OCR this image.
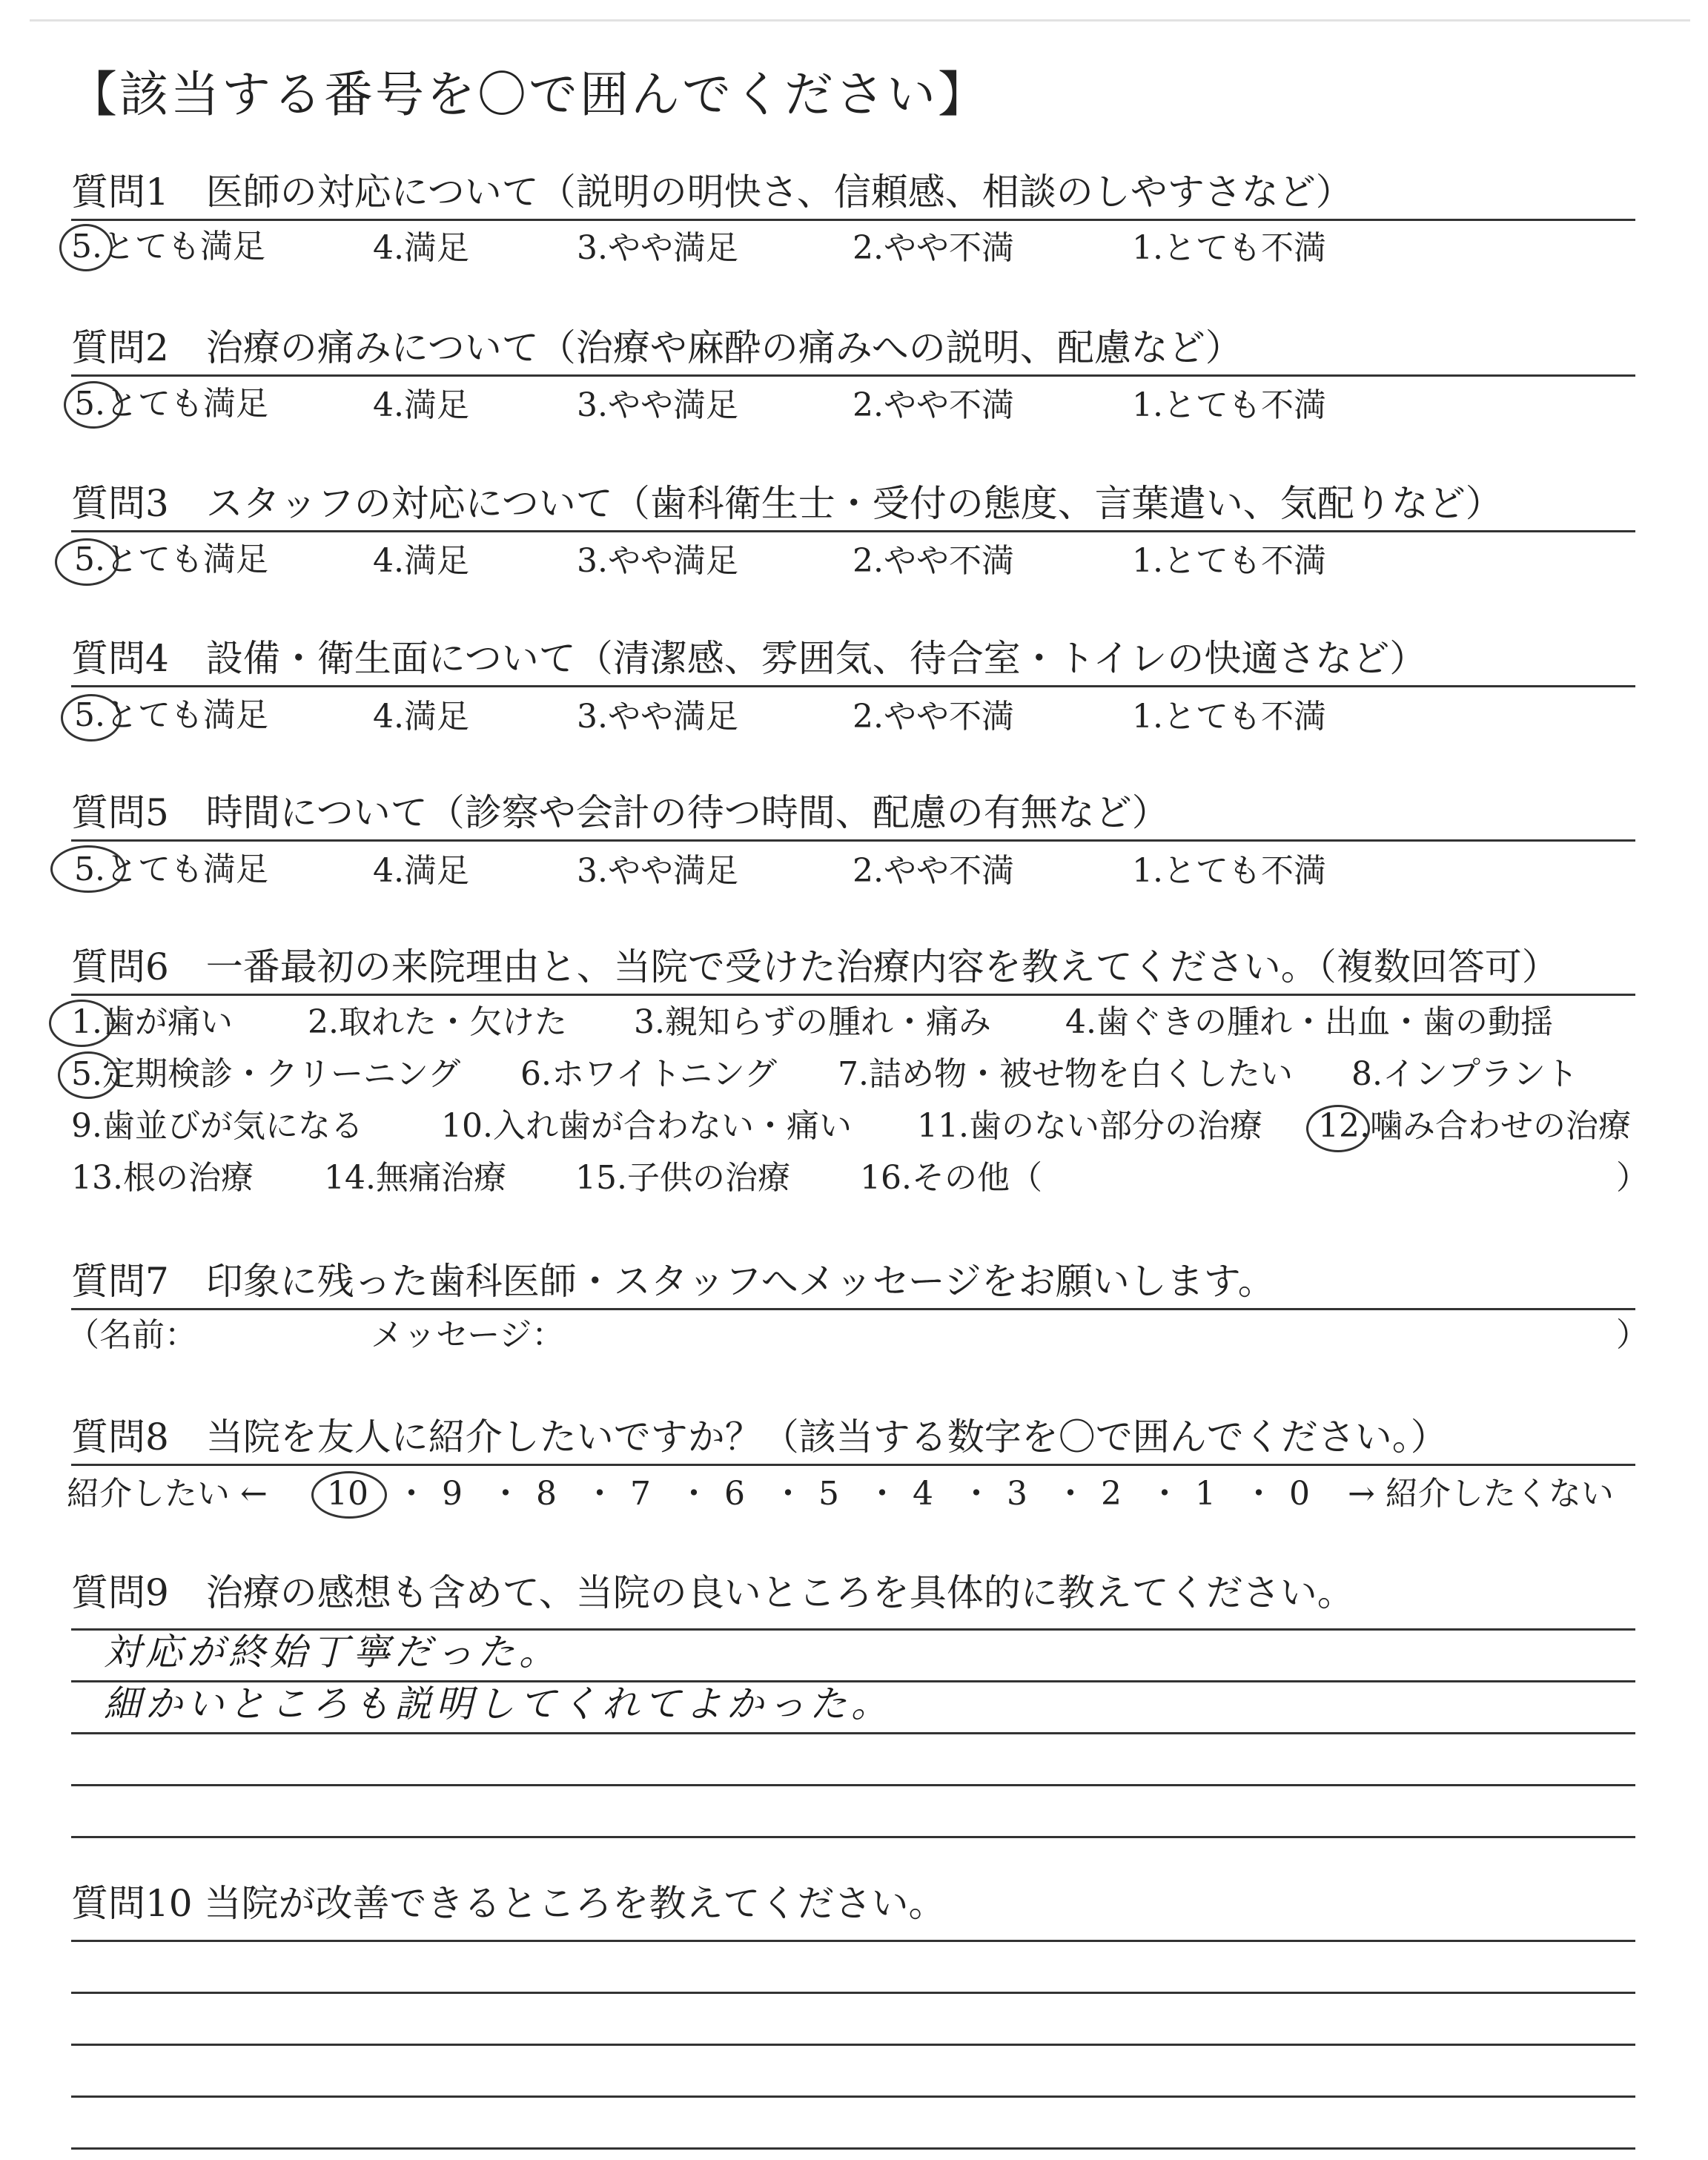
【該当する番号を〇で囲んでください】
質問1　医師の対応について（説明の明快さ、信頼感、相談のしやすさなど）
5.とても満足	4.満足	3.やや満足	2.やや不満	1.とても不満
質問2　治療の痛みについて（治療や麻酔の痛みへの説明、配慮など）
5.とても満足	4.満足	3.やや満足	2.やや不満	1.とても不満
質問3　スタッフの対応について（歯科衛生士・受付の態度、言葉遣い、気配りなど）
5.とても満足	4.満足	3.やや満足	2.やや不満	1.とても不満
質問4　設備・衛生面について（清潔感、雰囲気、待合室・トイレの快適さなど）
5.とても満足	4.満足	3.やや満足	2.やや不満	1.とても不満
質問5　時間について（診察や会計の待つ時間、配慮の有無など）
5.とても満足	4.満足	3.やや満足	2.やや不満	1.とても不満
質問6　一番最初の来院理由と、当院で受けた治療内容を教えてください。（複数回答可）
1.歯が痛い 2.取れた・欠けた 3.親知らずの腫れ・痛み 4.歯ぐきの腫れ・出血・歯の動揺
5.定期検診・クリーニング 6.ホワイトニング 7.詰め物・被せ物を白くしたい 8.インプラント
9.歯並びが気になる 10.入れ歯が合わない・痛い 11.歯のない部分の治療 12.噛み合わせの治療
13.根の治療 14.無痛治療 15.子供の治療 16.その他（	）
質問7　印象に残った歯科医師・スタッフへメッセージをお願いします。
（名前：	メッセージ：	）
質問8　当院を友人に紹介したいですか？（該当する数字を〇で囲んでください。）
紹介したい ← 10 ・ 9 ・ 8 ・ 7 ・ 6 ・ 5 ・ 4 ・ 3 ・ 2 ・ 1 ・ 0 → 紹介したくない
質問9　治療の感想も含めて、当院の良いところを具体的に教えてください。
対応が終始丁寧だった。
細かいところも説明してくれてよかった。
質問10 当院が改善できるところを教えてください。
